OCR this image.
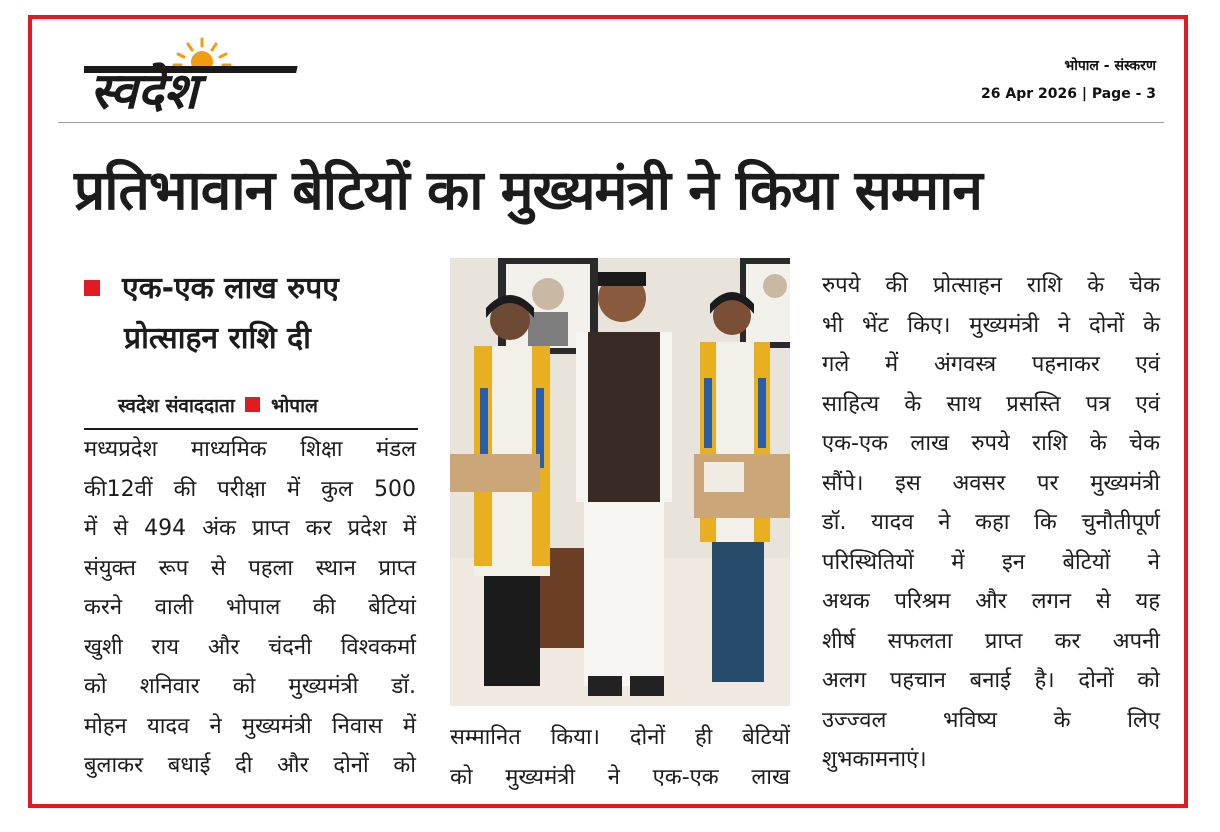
स्वदेश	भोपाल - संस्करण
26 Apr 2026 | Page - 3
प्रतिभावान बेटियों का मुख्यमंत्री ने किया सम्मान
एक-एक लाख रुपए
प्रोत्साहन राशि दी
स्वदेश संवाददाता भोपाल
मध्यप्रदेश माध्यमिक शिक्षा मंडल
की12वीं की परीक्षा में कुल 500
में से 494 अंक प्राप्त कर प्रदेश में
संयुक्त रूप से पहला स्थान प्राप्त
करने वाली भोपाल की बेटियां
खुशी राय और चंदनी विश्वकर्मा
को शनिवार को मुख्यमंत्री डॉ.
मोहन यादव ने मुख्यमंत्री निवास में
बुलाकर बधाई दी और दोनों को
सम्मानित किया। दोनों ही बेटियों
को मुख्यमंत्री ने एक-एक लाख
रुपये की प्रोत्साहन राशि के चेक
भी भेंट किए। मुख्यमंत्री ने दोनों के
गले में अंगवस्त्र पहनाकर एवं
साहित्य के साथ प्रसस्ति पत्र एवं
एक-एक लाख रुपये राशि के चेक
सौंपे। इस अवसर पर मुख्यमंत्री
डॉ. यादव ने कहा कि चुनौतीपूर्ण
परिस्थितियों में इन बेटियों ने
अथक परिश्रम और लगन से यह
शीर्ष सफलता प्राप्त कर अपनी
अलग पहचान बनाई है। दोनों को
उज्ज्वल भविष्य के लिए
शुभकामनाएं।
